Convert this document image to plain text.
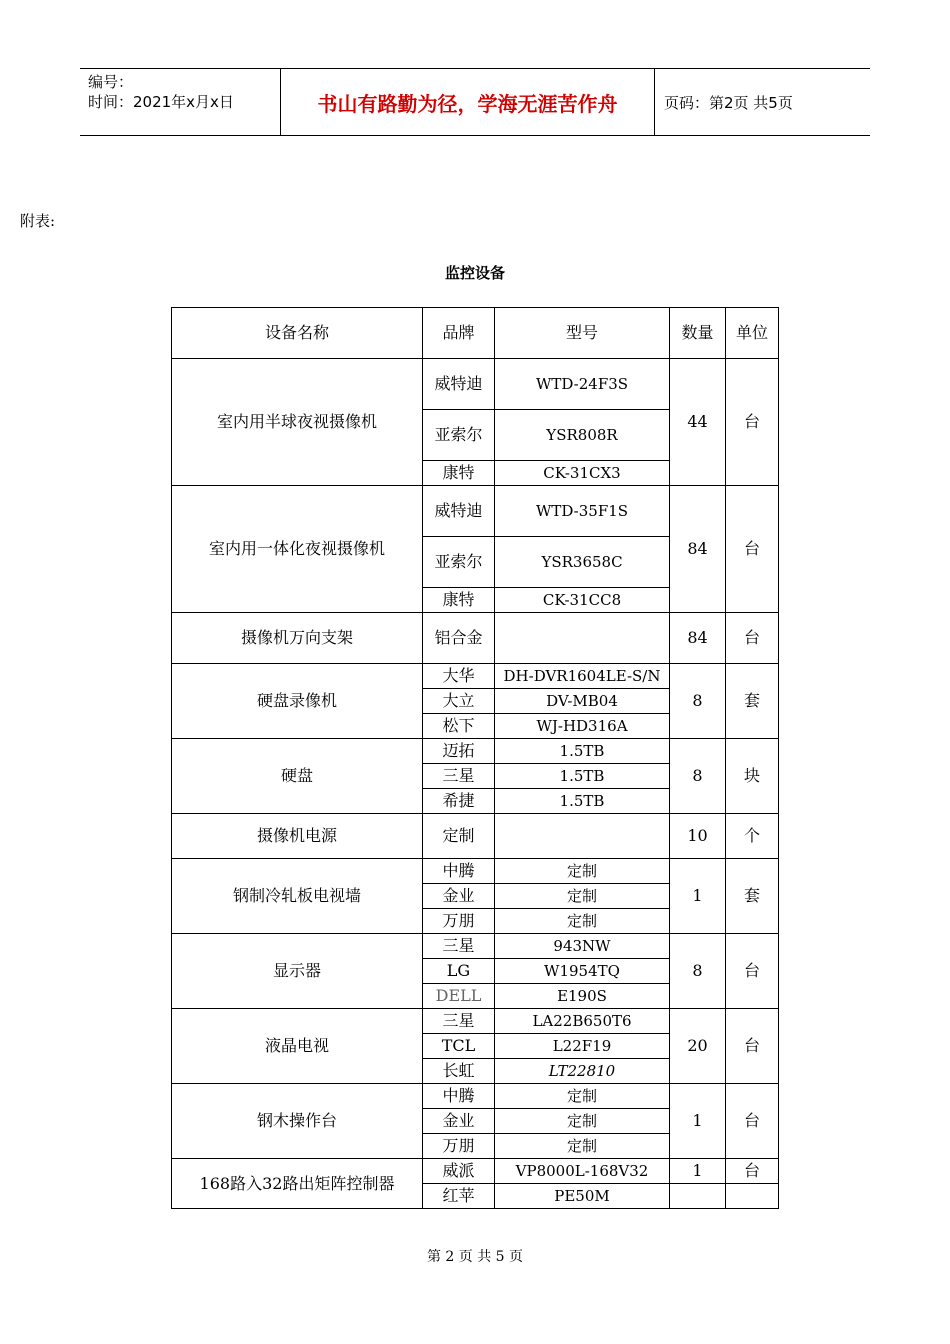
编号：
时间：2021年x月x日	书山有路勤为径，学海无涯苦作舟	页码：第2页 共5页
附表:
监控设备
设备名称	品牌	型号	数量	单位
室内用半球夜视摄像机	威特迪	WTD-24F3S	44	台
	亚索尔	YSR808R		
	康特	CK-31CX3		
室内用一体化夜视摄像机	威特迪	WTD-35F1S	84	台
	亚索尔	YSR3658C		
	康特	CK-31CC8		
摄像机万向支架	铝合金		84	台
硬盘录像机	大华	DH-DVR1604LE-S/N	8	套
	大立	DV-MB04		
	松下	WJ-HD316A		
硬盘	迈拓	1.5TB	8	块
	三星	1.5TB		
	希捷	1.5TB		
摄像机电源	定制		10	个
钢制冷轧板电视墙	中腾	定制	1	套
	金业	定制		
	万朋	定制		
显示器	三星	943NW	8	台
	LG	W1954TQ		
	DELL	E190S		
液晶电视	三星	LA22B650T6	20	台
	TCL	L22F19		
	长虹	LT22810		
钢木操作台	中腾	定制	1	台
	金业	定制		
	万朋	定制		
168路入32路出矩阵控制器	威派	VP8000L-168V32	1	台
	红苹	PE50M		
第 2 页 共 5 页
